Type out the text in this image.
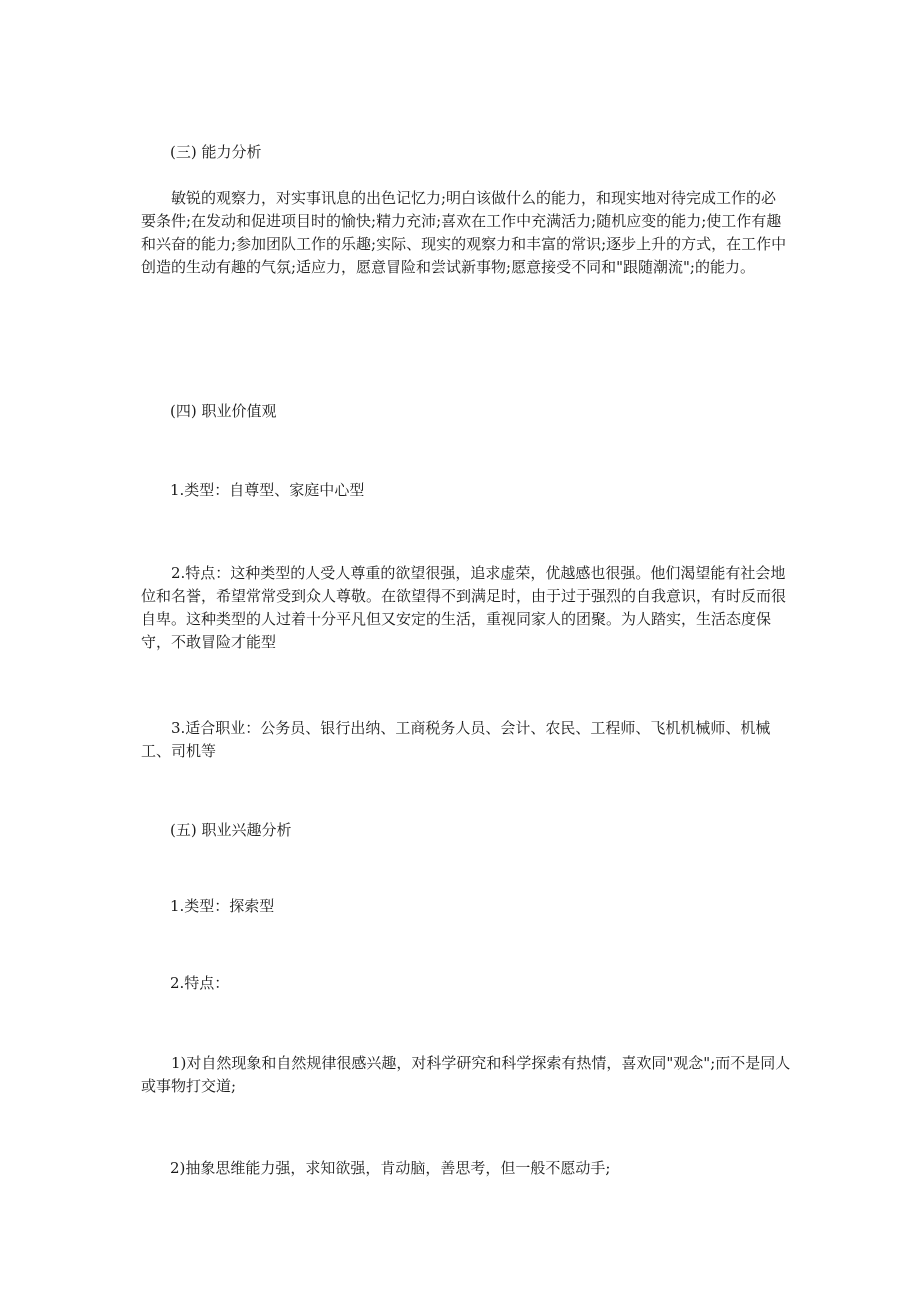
(三) 能力分析

敏锐的观察力，对实事讯息的出色记忆力;明白该做什么的能力，和现实地对待完成工作的必要条件;在发动和促进项目时的愉快;精力充沛;喜欢在工作中充满活力;随机应变的能力;使工作有趣和兴奋的能力;参加团队工作的乐趣;实际、现实的观察力和丰富的常识;逐步上升的方式，在工作中创造的生动有趣的气氛;适应力，愿意冒险和尝试新事物;愿意接受不同和"跟随潮流";的能力。

(四) 职业价值观

1.类型：自尊型、家庭中心型

2.特点：这种类型的人受人尊重的欲望很强，追求虚荣，优越感也很强。他们渴望能有社会地位和名誉，希望常常受到众人尊敬。在欲望得不到满足时，由于过于强烈的自我意识，有时反而很自卑。这种类型的人过着十分平凡但又安定的生活，重视同家人的团聚。为人踏实，生活态度保守，不敢冒险才能型

3.适合职业：公务员、银行出纳、工商税务人员、会计、农民、工程师、飞机机械师、机械工、司机等

(五) 职业兴趣分析

1.类型：探索型

2.特点：

1)对自然现象和自然规律很感兴趣，对科学研究和科学探索有热情，喜欢同"观念";而不是同人或事物打交道;

2)抽象思维能力强，求知欲强，肯动脑，善思考，但一般不愿动手;
